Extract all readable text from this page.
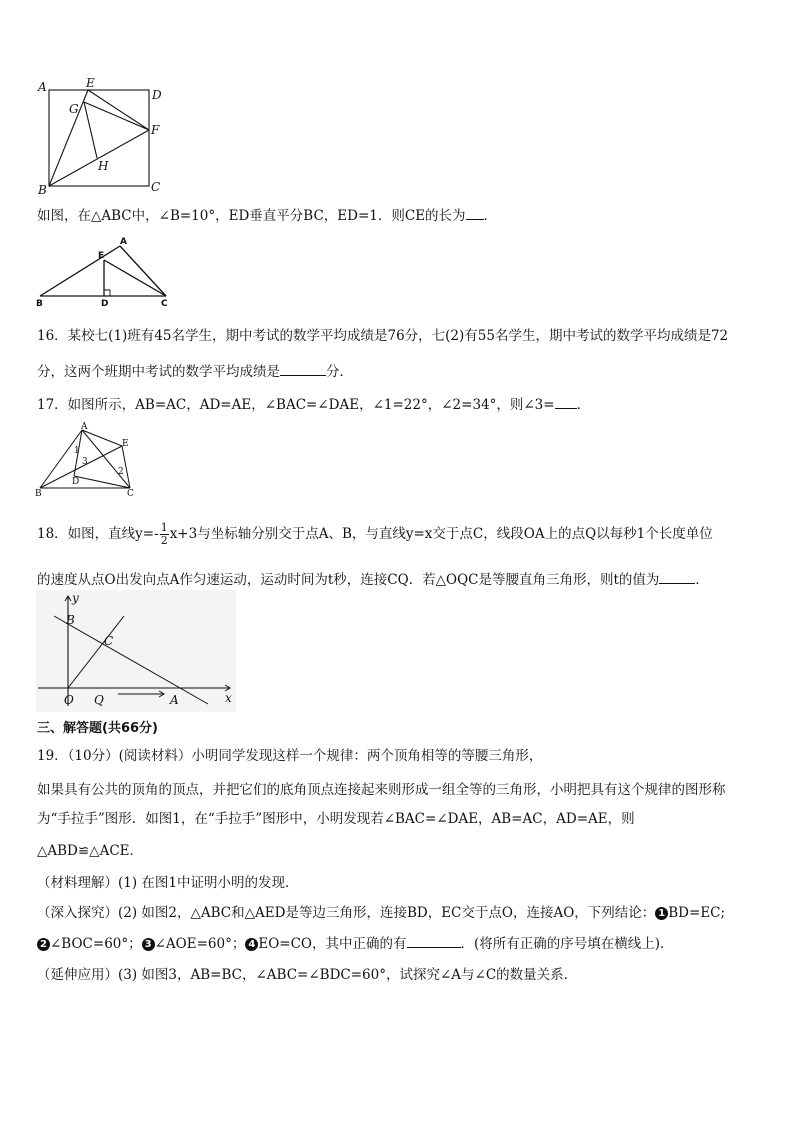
A	E
D
G
F
H
B	C
如图，在△ABC中，∠B=10°，ED垂直平分BC，ED=1．则CE的长为 ．
E
A
B	D	C
16．某校七(1)班有45名学生，期中考试的数学平均成绩是76分，七(2)有55名学生，期中考试的数学平均成绩是72
分，这两个班期中考试的数学平均成绩是	分．
17．如图所示，AB=AC，AD=AE，∠BAC=∠DAE，∠1=22°，∠2=34°，则∠3= ．
A
E
1
3
2
D
B	C
18．如图，直线$y=- \frac{1}{2} x+3$与坐标轴分别交于点A、B，与直线y=x交于点C，线段OA上的点Q以每秒1个长度单位
的速度从点O出发向点A作匀速运动，运动时间为t秒，连接CQ．若△OQC是等腰直角三角形，则t的值为	．
y
B
C
O Q	A	x
三、解答题(共66分)
19．（10分）(阅读材料）小明同学发现这样一个规律：两个顶角相等的等腰三角形，
如果具有公共的顶角的顶点，并把它们的底角顶点连接起来则形成一组全等的三角形，小明把具有这个规律的图形称
为“手拉手”图形．如图1，在“手拉手”图形中，小明发现若∠BAC=∠DAE，AB=AC，AD=AE，则
△ABD≌△ACE．
（材料理解）(1) 在图1中证明小明的发现．
（深入探究）(2) 如图2，△ABC和△AED是等边三角形，连接BD，EC交于点O，连接AO，下列结论： 1 BD=EC;
2 ∠BOC=60°； 3 ∠AOE=60°； 4 EO=CO，其中正确的有	．(将所有正确的序号填在横线上)．
（延伸应用）(3) 如图3，AB=BC，∠ABC=∠BDC=60°，试探究∠A与∠C的数量关系．
